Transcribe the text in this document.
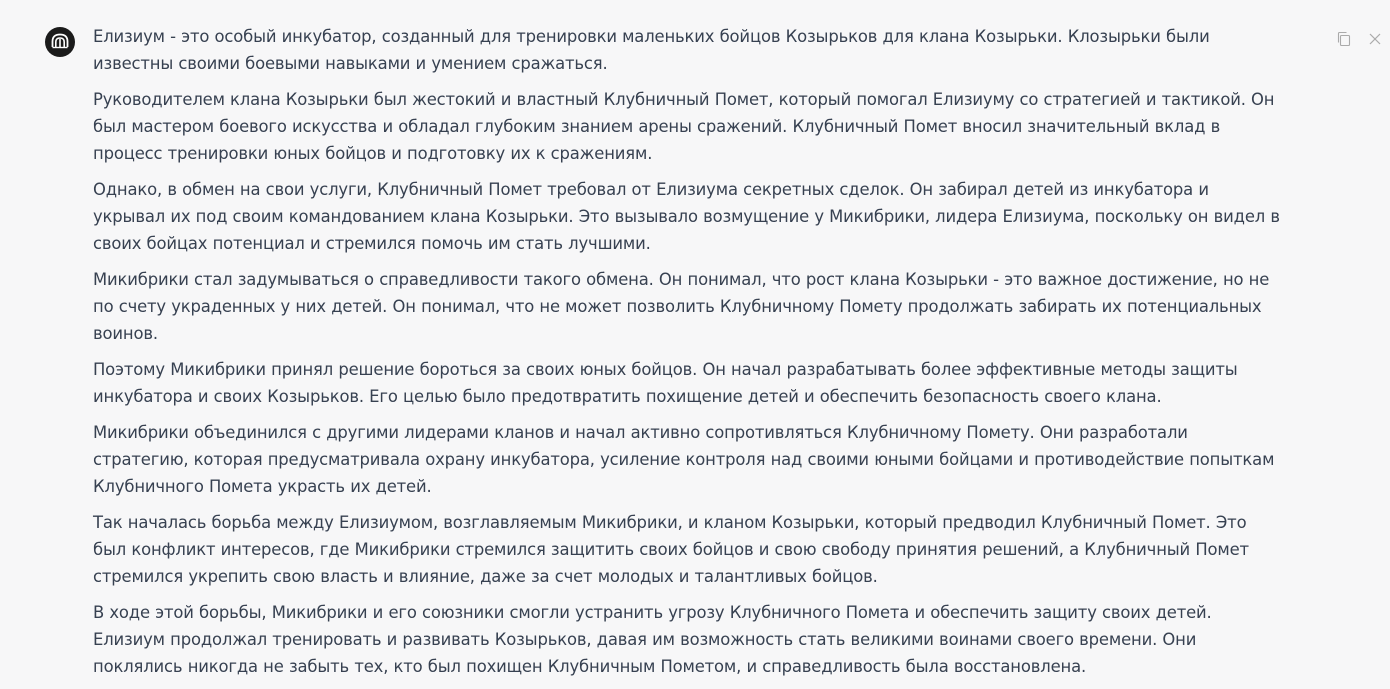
Елизиум - это особый инкубатор, созданный для тренировки маленьких бойцов Козырьков для клана Козырьки. Клозырьки были известны своими боевыми навыками и умением сражаться.

Руководителем клана Козырьки был жестокий и властный Клубничный Помет, который помогал Елизиуму со стратегией и тактикой. Он был мастером боевого искусства и обладал глубоким знанием арены сражений. Клубничный Помет вносил значительный вклад в процесс тренировки юных бойцов и подготовку их к сражениям.

Однако, в обмен на свои услуги, Клубничный Помет требовал от Елизиума секретных сделок. Он забирал детей из инкубатора и укрывал их под своим командованием клана Козырьки. Это вызывало возмущение у Микибрики, лидера Елизиума, поскольку он видел в своих бойцах потенциал и стремился помочь им стать лучшими.

Микибрики стал задумываться о справедливости такого обмена. Он понимал, что рост клана Козырьки - это важное достижение, но не по счету украденных у них детей. Он понимал, что не может позволить Клубничному Помету продолжать забирать их потенциальных воинов.

Поэтому Микибрики принял решение бороться за своих юных бойцов. Он начал разрабатывать более эффективные методы защиты инкубатора и своих Козырьков. Его целью было предотвратить похищение детей и обеспечить безопасность своего клана.

Микибрики объединился с другими лидерами кланов и начал активно сопротивляться Клубничному Помету. Они разработали стратегию, которая предусматривала охрану инкубатора, усиление контроля над своими юными бойцами и противодействие попыткам Клубничного Помета украсть их детей.

Так началась борьба между Елизиумом, возглавляемым Микибрики, и кланом Козырьки, который предводил Клубничный Помет. Это был конфликт интересов, где Микибрики стремился защитить своих бойцов и свою свободу принятия решений, а Клубничный Помет стремился укрепить свою власть и влияние, даже за счет молодых и талантливых бойцов.

В ходе этой борьбы, Микибрики и его союзники смогли устранить угрозу Клубничного Помета и обеспечить защиту своих детей. Елизиум продолжал тренировать и развивать Козырьков, давая им возможность стать великими воинами своего времени. Они поклялись никогда не забыть тех, кто был похищен Клубничным Пометом, и справедливость была восстановлена.
